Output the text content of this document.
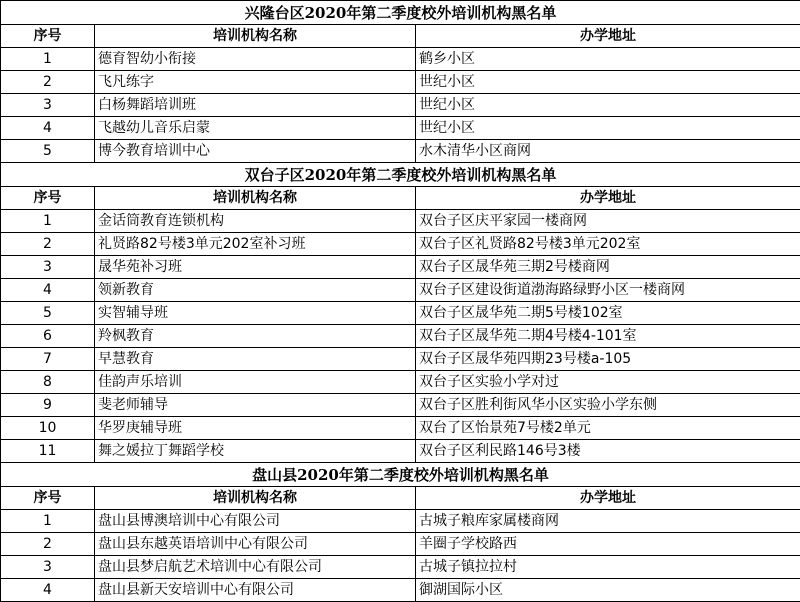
兴隆台区2020年第二季度校外培训机构黑名单		
序号	培训机构名称	办学地址
1	德育智幼小衔接	鹤乡小区
2	飞凡练字	世纪小区
3	白杨舞蹈培训班	世纪小区
4	飞越幼儿音乐启蒙	世纪小区
5	博今教育培训中心	水木清华小区商网
双台子区2020年第二季度校外培训机构黑名单		
序号	培训机构名称	办学地址
1	金话筒教育连锁机构	双台子区庆平家园一楼商网
2	礼贤路82号楼3单元202室补习班	双台子区礼贤路82号楼3单元202室
3	晟华苑补习班	双台子区晟华苑三期2号楼商网
4	领新教育	双台子区建设街道渤海路绿野小区一楼商网
5	实智辅导班	双台子区晟华苑二期5号楼102室
6	羚枫教育	双台子区晟华苑二期4号楼4-101室
7	早慧教育	双台子区晟华苑四期23号楼a-105
8	佳韵声乐培训	双台子区实验小学对过
9	斐老师辅导	双台子区胜利街风华小区实验小学东侧
10	华罗庚辅导班	双台了区怡景苑7号楼2单元
11	舞之媛拉丁舞蹈学校	双台子区利民路146号3楼
盘山县2020年第二季度校外培训机构黑名单		
序号	培训机构名称	办学地址
1	盘山县博澳培训中心有限公司	古城子粮库家属楼商网
2	盘山县东越英语培训中心有限公司	羊圈子学校路西
3	盘山县梦启航艺术培训中心有限公司	古城子镇拉拉村
4	盘山县新天安培训中心有限公司	御湖国际小区
